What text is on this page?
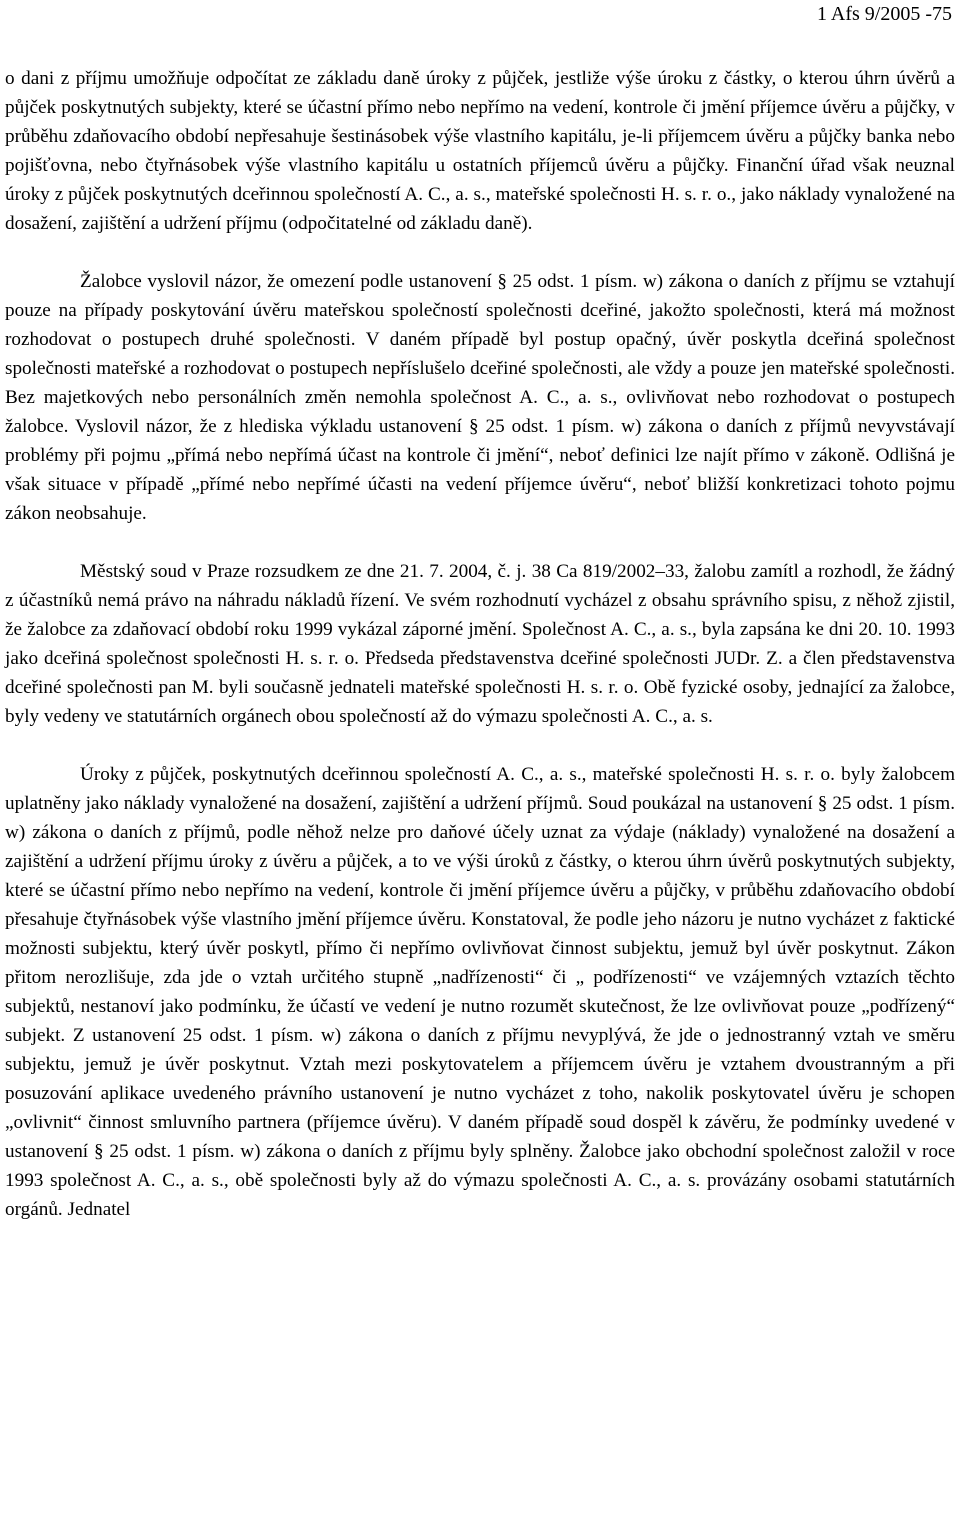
1 Afs 9/2005 -75

o dani z příjmu umožňuje odpočítat ze základu daně úroky z půjček, jestliže výše úroku z částky, o kterou úhrn úvěrů a půjček poskytnutých subjekty, které se účastní přímo nebo nepřímo na vedení, kontrole či jmění příjemce úvěru a půjčky, v průběhu zdaňovacího období nepřesahuje šestinásobek výše vlastního kapitálu, je-li příjemcem úvěru a půjčky banka nebo pojišťovna, nebo čtyřnásobek výše vlastního kapitálu u ostatních příjemců úvěru a půjčky. Finanční úřad však neuznal úroky z půjček poskytnutých dceřinnou společností A. C., a. s., mateřské společnosti H. s. r. o., jako náklady vynaložené na dosažení, zajištění a udržení příjmu (odpočitatelné od základu daně).

Žalobce vyslovil názor, že omezení podle ustanovení § 25 odst. 1 písm. w) zákona o daních z příjmu se vztahují pouze na případy poskytování úvěru mateřskou společností společnosti dceřiné, jakožto společnosti, která má možnost rozhodovat o postupech druhé společnosti. V daném případě byl postup opačný, úvěr poskytla dceřiná společnost společnosti mateřské a rozhodovat o postupech nepříslušelo dceřiné společnosti, ale vždy a pouze jen mateřské společnosti. Bez majetkových nebo personálních změn nemohla společnost A. C., a. s., ovlivňovat nebo rozhodovat o postupech žalobce. Vyslovil názor, že z hlediska výkladu ustanovení § 25 odst. 1 písm. w) zákona o daních z příjmů nevyvstávají problémy při pojmu „přímá nebo nepřímá účast na kontrole či jmění“, neboť definici lze najít přímo v zákoně. Odlišná je však situace v případě „přímé nebo nepřímé účasti na vedení příjemce úvěru“, neboť bližší konkretizaci tohoto pojmu zákon neobsahuje.

Městský soud v Praze rozsudkem ze dne 21. 7. 2004, č. j. 38 Ca 819/2002–33, žalobu zamítl a rozhodl, že žádný z účastníků nemá právo na náhradu nákladů řízení. Ve svém rozhodnutí vycházel z obsahu správního spisu, z něhož zjistil, že žalobce za zdaňovací období roku 1999 vykázal záporné jmění. Společnost A. C., a. s., byla zapsána ke dni 20. 10. 1993 jako dceřiná společnost společnosti H. s. r. o. Předseda představenstva dceřiné společnosti JUDr. Z. a člen představenstva dceřiné společnosti pan M. byli současně jednateli mateřské společnosti H. s. r. o. Obě fyzické osoby, jednající za žalobce, byly vedeny ve statutárních orgánech obou společností až do výmazu společnosti A. C., a. s.

Úroky z půjček, poskytnutých dceřinnou společností A. C., a. s., mateřské společnosti H. s. r. o. byly žalobcem uplatněny jako náklady vynaložené na dosažení, zajištění a udržení příjmů. Soud poukázal na ustanovení § 25 odst. 1 písm. w) zákona o daních z příjmů, podle něhož nelze pro daňové účely uznat za výdaje (náklady) vynaložené na dosažení a zajištění a udržení příjmu úroky z úvěru a půjček, a to ve výši úroků z částky, o kterou úhrn úvěrů poskytnutých subjekty, které se účastní přímo nebo nepřímo na vedení, kontrole či jmění příjemce úvěru a půjčky, v průběhu zdaňovacího období přesahuje čtyřnásobek výše vlastního jmění příjemce úvěru. Konstatoval, že podle jeho názoru je nutno vycházet z faktické možnosti subjektu, který úvěr poskytl, přímo či nepřímo ovlivňovat činnost subjektu, jemuž byl úvěr poskytnut. Zákon přitom nerozlišuje, zda jde o vztah určitého stupně „nadřízenosti“ či „ podřízenosti“ ve vzájemných vztazích těchto subjektů, nestanoví jako podmínku, že účastí ve vedení je nutno rozumět skutečnost, že lze ovlivňovat pouze „podřízený“ subjekt. Z ustanovení 25 odst. 1 písm. w) zákona o daních z příjmu nevyplývá, že jde o jednostranný vztah ve směru subjektu, jemuž je úvěr poskytnut. Vztah mezi poskytovatelem a příjemcem úvěru je vztahem dvoustranným a při posuzování aplikace uvedeného právního ustanovení je nutno vycházet z toho, nakolik poskytovatel úvěru je schopen „ovlivnit“ činnost smluvního partnera (příjemce úvěru). V daném případě soud dospěl k závěru, že podmínky uvedené v ustanovení § 25 odst. 1 písm. w) zákona o daních z příjmu byly splněny. Žalobce jako obchodní společnost založil v roce 1993 společnost A. C., a. s., obě společnosti byly až do výmazu společnosti A. C., a. s. provázány osobami statutárních orgánů. Jednatel
